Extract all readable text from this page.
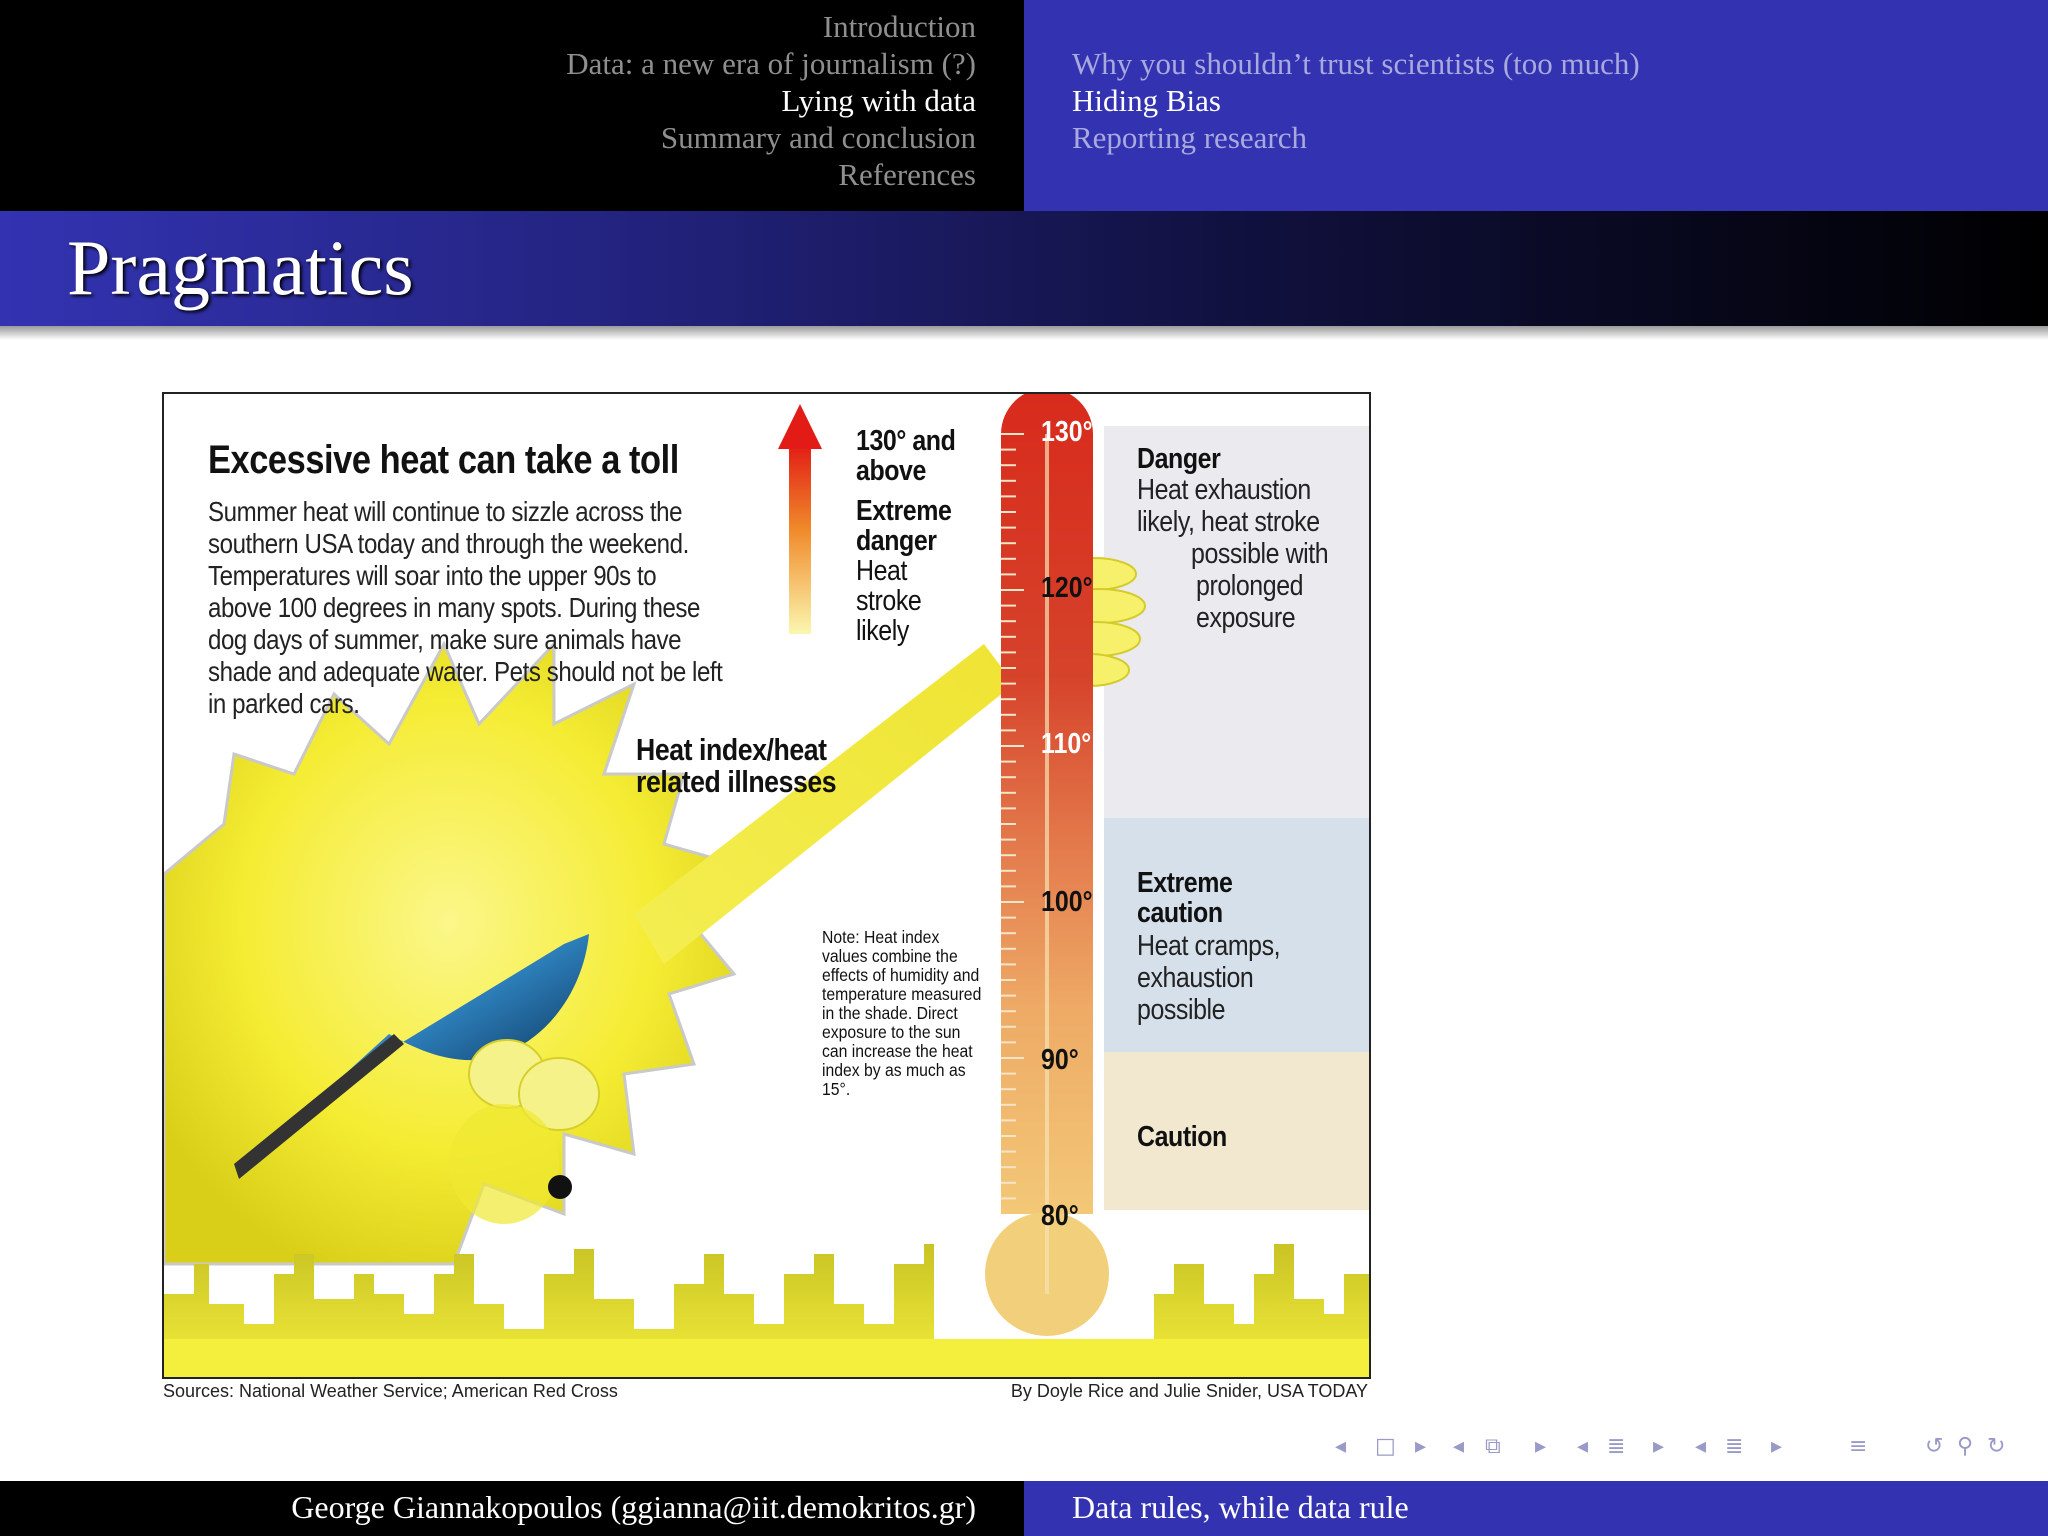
Introduction
Data: a new era of journalism (?)
Lying with data
Summary and conclusion
References
Why you shouldn’t trust scientists (too much)
Hiding Bias
Reporting research
Pragmatics
Excessive heat can take a toll
Summer heat will continue to sizzle across the southern USA today and through the weekend. Temperatures will soar into the upper 90s to above 100 degrees in many spots. During these dog days of summer, make sure animals have shade and adequate water. Pets should not be left in parked cars.
Heat index/heat
related illnesses
130° and
above
Extreme
danger
Heat
stroke
likely
Note: Heat index values combine the effects of humidity and temperature measured in the shade. Direct exposure to the sun can increase the heat index by as much as 15°.
130°
120°
110°
100°
90°
80°
Danger
Heat exhaustion
likely, heat stroke
possible with
prolonged
exposure
Extreme
caution
Heat cramps,
exhaustion
possible
Caution
Sources: National Weather Service; American Red Cross	By Doyle Rice and Julie Snider, USA TODAY
◂ □ ▸ ◂ ⧉ ▸ ◂ ≣ ▸ ◂ ≣ ▸	≡	↺ ⚲ ↻
George Giannakopoulos (ggianna@iit.demokritos.gr)	Data rules, while data rule
